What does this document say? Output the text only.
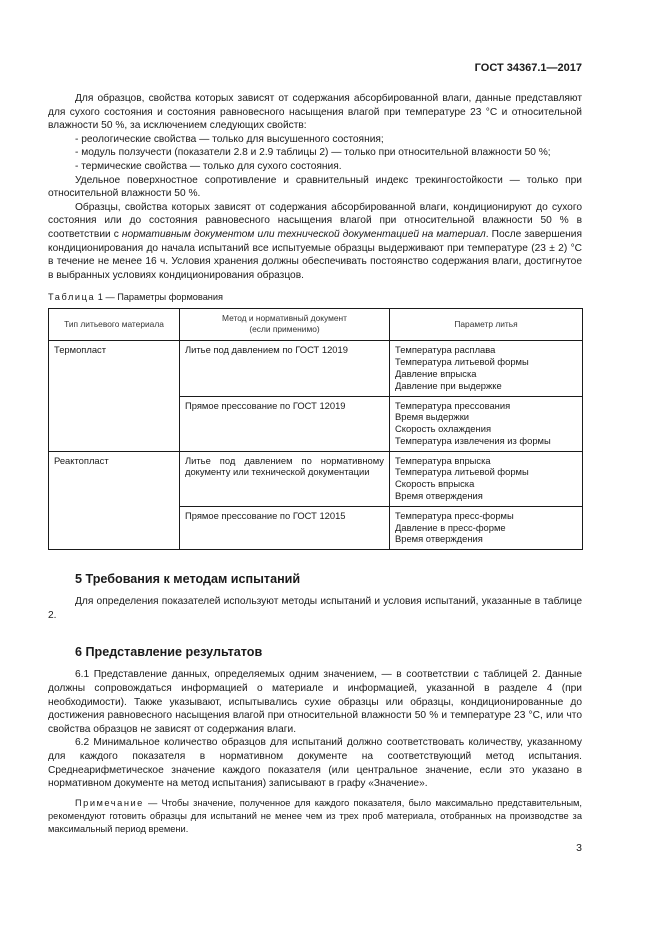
ГОСТ 34367.1—2017

Для образцов, свойства которых зависят от содержания абсорбированной влаги, данные представляют для сухого состояния и состояния равновесного насыщения влагой при температуре 23 °С и относительной влажности 50 %, за исключением следующих свойств:

- реологические свойства — только для высушенного состояния;
- модуль ползучести (показатели 2.8 и 2.9 таблицы 2) — только при относительной влажности 50 %;
- термические свойства — только для сухого состояния.

Удельное поверхностное сопротивление и сравнительный индекс трекингостойкости — только при относительной влажности 50 %.

Образцы, свойства которых зависят от содержания абсорбированной влаги, кондиционируют до сухого состояния или до состояния равновесного насыщения влагой при относительной влажности 50 % в соответствии с нормативным документом или технической документацией на материал. После завершения кондиционирования до начала испытаний все испытуемые образцы выдерживают при температуре (23 ± 2) °С в течение не менее 16 ч. Условия хранения должны обеспечивать постоянство содержания влаги, достигнутое в выбранных условиях кондиционирования образцов.

Таблица 1 — Параметры формования
Тип литьевого материала	Метод и нормативный документ
(если применимо)	Параметр литья
Термопласт	Литье под давлением по ГОСТ 12019	Температура расплава
Температура литьевой формы
Давление впрыска
Давление при выдержке

	Прямое прессование по ГОСТ 12019	Температура прессования
Время выдержки
Скорость охлаждения
Температура извлечения из формы

Реактопласт	Литье под давлением по нормативному документу или технической документации	Температура впрыска
Температура литьевой формы
Скорость впрыска
Время отверждения

	Прямое прессование по ГОСТ 12015	Температура пресс-формы
Давление в пресс-форме
Время отверждения
5 Требования к методам испытаний

Для определения показателей используют методы испытаний и условия испытаний, указанные в таблице 2.

6 Представление результатов

6.1 Представление данных, определяемых одним значением, — в соответствии с таблицей 2. Данные должны сопровождаться информацией о материале и информацией, указанной в разделе 4 (при необходимости). Также указывают, испытывались сухие образцы или образцы, кондиционированные до достижения равновесного насыщения влагой при относительной влажности 50 % и температуре 23 °С, или что свойства образцов не зависят от содержания влаги.

6.2 Минимальное количество образцов для испытаний должно соответствовать количеству, указанному для каждого показателя в нормативном документе на соответствующий метод испытания. Среднеарифметическое значение каждого показателя (или центральное значение, если это указано в нормативном документе на метод испытания) записывают в графу «Значение».

Примечание — Чтобы значение, полученное для каждого показателя, было максимально представительным, рекомендуют готовить образцы для испытаний не менее чем из трех проб материала, отобранных на производстве за максимальный период времени.

3
